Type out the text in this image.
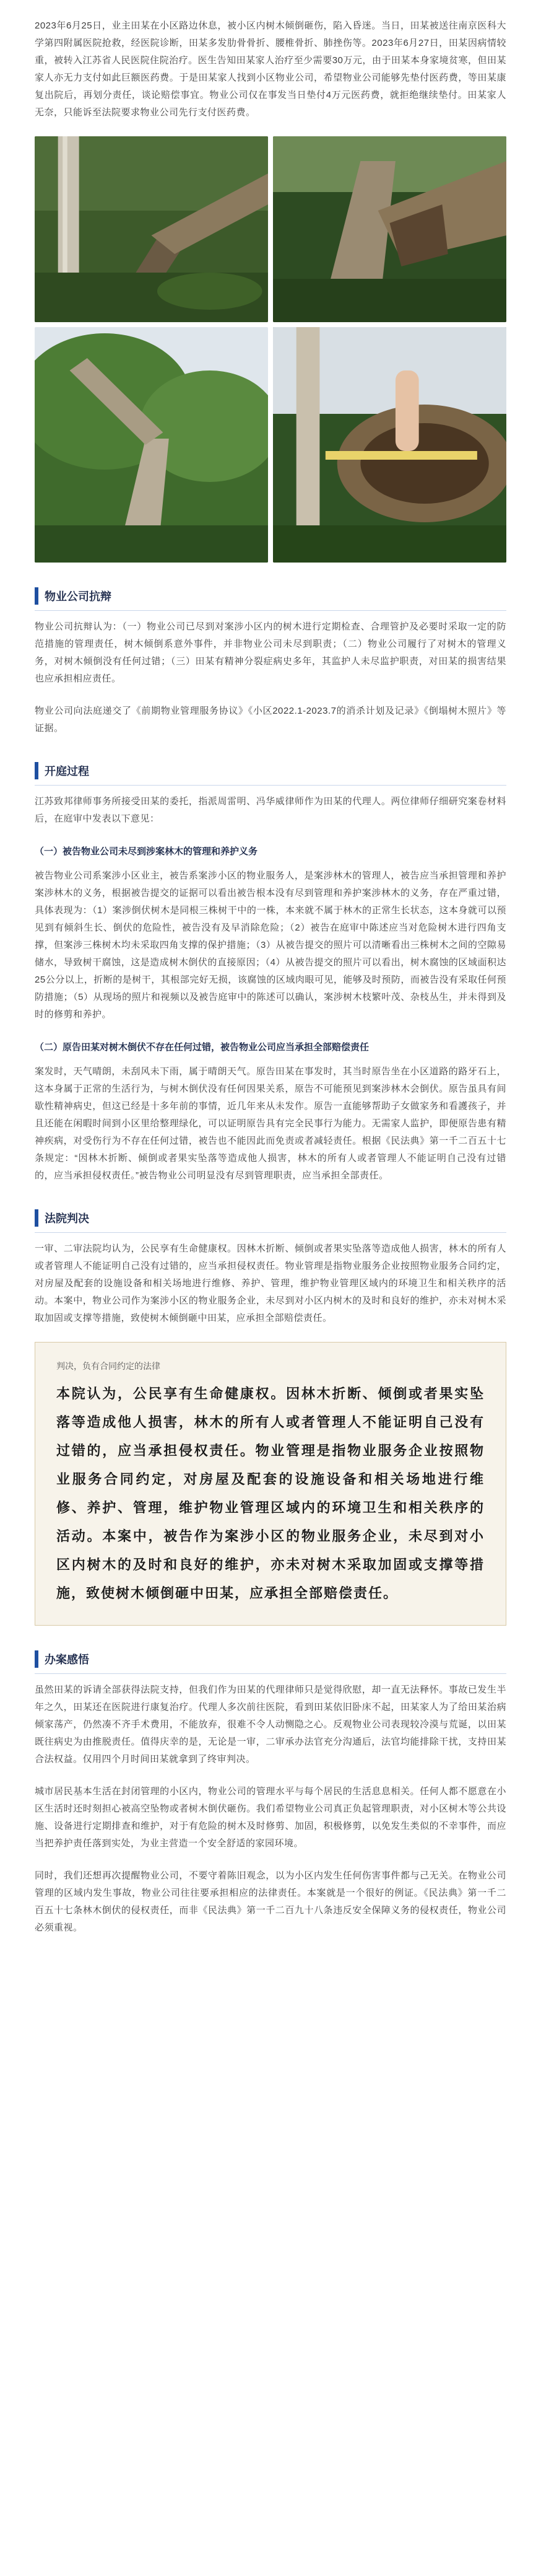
2023年6月25日，业主田某在小区路边休息，被小区内树木倾倒砸伤，陷入昏迷。当日，田某被送往南京医科大学第四附属医院抢救，经医院诊断，田某多发肋骨骨折、腰椎骨折、肺挫伤等。2023年6月27日，田某因病情较重，被转入江苏省人民医院住院治疗。医生告知田某家人治疗至少需要30万元，由于田某本身家境贫寒，但田某家人亦无力支付如此巨额医药费。于是田某家人找到小区物业公司，希望物业公司能够先垫付医药费，等田某康复出院后，再划分责任，谈论赔偿事宜。物业公司仅在事发当日垫付4万元医药费，就拒绝继续垫付。田某家人无奈，只能诉至法院要求物业公司先行支付医药费。

物业公司抗辩

物业公司抗辩认为：（一）物业公司已尽到对案涉小区内的树木进行定期检查、合理管护及必要时采取一定的防范措施的管理责任，树木倾倒系意外事件，并非物业公司未尽到职责；（二）物业公司履行了对树木的管理义务，对树木倾倒没有任何过错；（三）田某有精神分裂症病史多年，其监护人未尽监护职责，对田某的损害结果也应承担相应责任。

物业公司向法庭递交了《前期物业管理服务协议》《小区2022.1-2023.7的消杀计划及记录》《倒塌树木照片》等证据。

开庭过程

江苏致邦律师事务所接受田某的委托，指派周雷明、冯华威律师作为田某的代理人。两位律师仔细研究案卷材料后，在庭审中发表以下意见：

（一）被告物业公司未尽到涉案林木的管理和养护义务

被告物业公司系案涉小区业主，被告系案涉小区的物业服务人，是案涉林木的管理人，被告应当承担管理和养护案涉林木的义务，根据被告提交的证据可以看出被告根本没有尽到管理和养护案涉林木的义务，存在严重过错，具体表现为：（1）案涉倒伏树木是同根三株树干中的一株，本来就不属于林木的正常生长状态，这本身就可以预见到有倾斜生长、倒伏的危险性，被告没有及早消除危险；（2）被告在庭审中陈述应当对危险树木进行四角支撑，但案涉三株树木均未采取四角支撑的保护措施；（3）从被告提交的照片可以清晰看出三株树木之间的空隙易储水，导致树干腐蚀，这是造成树木倒伏的直接原因；（4）从被告提交的照片可以看出，树木腐蚀的区域面积达25公分以上，折断的是树干，其根部完好无损，该腐蚀的区域肉眼可见，能够及时预防，而被告没有采取任何预防措施；（5）从现场的照片和视频以及被告庭审中的陈述可以确认，案涉树木枝繁叶茂、杂枝丛生，并未得到及时的修剪和养护。

（二）原告田某对树木倒伏不存在任何过错，被告物业公司应当承担全部赔偿责任

案发时，天气晴朗，未刮风未下雨，属于晴朗天气。原告田某在事发时，其当时原告坐在小区道路的路牙石上，这本身属于正常的生活行为，与树木倒伏没有任何因果关系，原告不可能预见到案涉林木会倒伏。原告虽具有间歇性精神病史，但这已经是十多年前的事情，近几年来从未发作。原告一直能够帮助子女做家务和看護孩子，并且还能在闲暇时间到小区里给整理绿化，可以证明原告具有完全民事行为能力。无需家人监护，即便原告患有精神疾病，对受伤行为不存在任何过错，被告也不能因此而免责或者减轻责任。根据《民法典》第一千二百五十七条规定：“因林木折断、倾倒或者果实坠落等造成他人损害，林木的所有人或者管理人不能证明自己没有过错的，应当承担侵权责任。”被告物业公司明显没有尽到管理职责，应当承担全部责任。

法院判决

一审、二审法院均认为，公民享有生命健康权。因林木折断、倾倒或者果实坠落等造成他人损害，林木的所有人或者管理人不能证明自己没有过错的，应当承担侵权责任。物业管理是指物业服务企业按照物业服务合同约定，对房屋及配套的设施设备和相关场地进行维修、养护、管理，维护物业管理区域内的环境卫生和相关秩序的活动。本案中，物业公司作为案涉小区的物业服务企业，未尽到对小区内树木的及时和良好的维护，亦未对树木采取加固或支撑等措施，致使树木倾倒砸中田某，应承担全部赔偿责任。

判决，负有合同约定的法律

本院认为，公民享有生命健康权。因林木折断、倾倒或者果实坠落等造成他人损害，林木的所有人或者管理人不能证明自己没有过错的，应当承担侵权责任。物业管理是指物业服务企业按照物业服务合同约定，对房屋及配套的设施设备和相关场地进行维修、养护、管理，维护物业管理区域内的环境卫生和相关秩序的活动。本案中，被告作为案涉小区的物业服务企业，未尽到对小区内树木的及时和良好的维护，亦未对树木采取加固或支撑等措施，致使树木倾倒砸中田某，应承担全部赔偿责任。

办案感悟

虽然田某的诉请全部获得法院支持，但我们作为田某的代理律师只是觉得欣慰，却一直无法释怀。事故已发生半年之久，田某还在医院进行康复治疗。代理人多次前往医院，看到田某依旧卧床不起，田某家人为了给田某治病倾家荡产，仍然凑不齐手术费用，不能放弃，很难不令人动恻隐之心。反观物业公司表现较冷漠与荒诞，以田某既往病史为由推脱责任。值得庆幸的是，无论是一审，二审承办法官充分沟通后，法官均能排除干扰，支持田某合法权益。仅用四个月时间田某就拿到了终审判决。

城市居民基本生活在封闭管理的小区内，物业公司的管理水平与每个居民的生活息息相关。任何人都不愿意在小区生活时还时刻担心被高空坠物或者树木倒伏砸伤。我们希望物业公司真正负起管理职责，对小区树木等公共设施、设备进行定期排查和维护，对于有危险的树木及时修剪、加固，积极修剪，以免发生类似的不幸事件，而应当把养护责任落到实处，为业主营造一个安全舒适的家园环境。

同时，我们还想再次提醒物业公司，不要守着陈旧观念，以为小区内发生任何伤害事件都与己无关。在物业公司管理的区域内发生事故，物业公司往往要承担相应的法律责任。本案就是一个很好的例证。《民法典》第一千二百五十七条林木倒伏的侵权责任，而非《民法典》第一千二百九十八条违反安全保障义务的侵权责任，物业公司必须重视。
